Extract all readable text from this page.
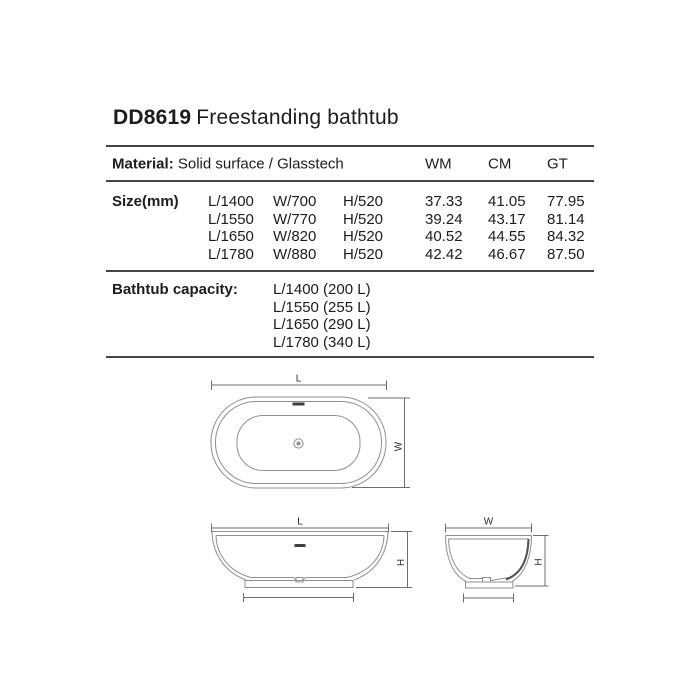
DD8619 Freestanding bathtub
Material: Solid surface / Glasstech	WM CM GT
Size(mm) L/1400 W/700 H/520	37.33 41.05 77.95
L/1550 W/770 H/520	39.24 43.17 81.14
L/1650 W/820 H/520	40.52 44.55 84.32
L/1780 W/880 H/520	42.42 46.67 87.50
Bathtub capacity: L/1400 (200 L)
L/1550 (255 L)
L/1650 (290 L)
L/1780 (340 L)
L
W
L
H
W
H
